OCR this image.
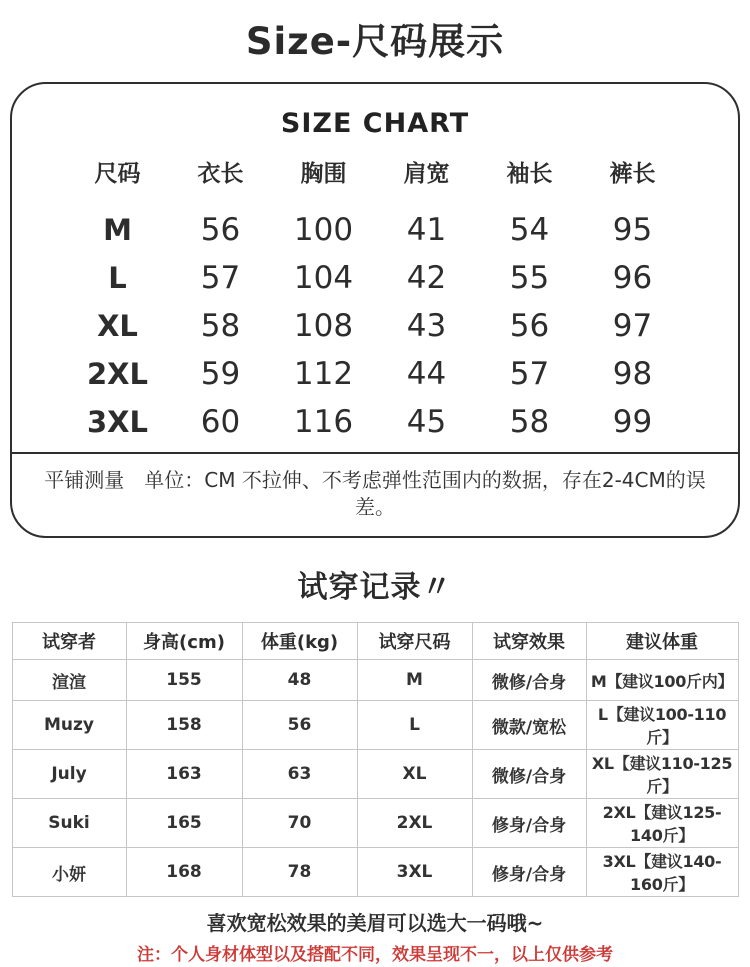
Size-尺码展示
SIZE CHART
尺码	衣长	胸围	肩宽	袖长	裤长
M	56	100	41	54	95
L	57	104	42	55	96
XL	58	108	43	56	97
2XL	59	112	44	57	98
3XL	60	116	45	58	99
平铺测量　单位：CM 不拉伸、不考虑弹性范围内的数据，存在2-4CM的误差。
试穿记录〃
试穿者	身高(cm)	体重(kg)	试穿尺码	试穿效果	建议体重
渲渲	155	48	M	微修/合身	M【建议100斤内】
Muzy	158	56	L	微款/宽松	L【建议100-110斤】
July	163	63	XL	微修/合身	XL【建议110-125斤】
Suki	165	70	2XL	修身/合身	2XL【建议125-140斤】
小妍	168	78	3XL	修身/合身	3XL【建议140-160斤】
喜欢宽松效果的美眉可以选大一码哦~
注：个人身材体型以及搭配不同，效果呈现不一，以上仅供参考
